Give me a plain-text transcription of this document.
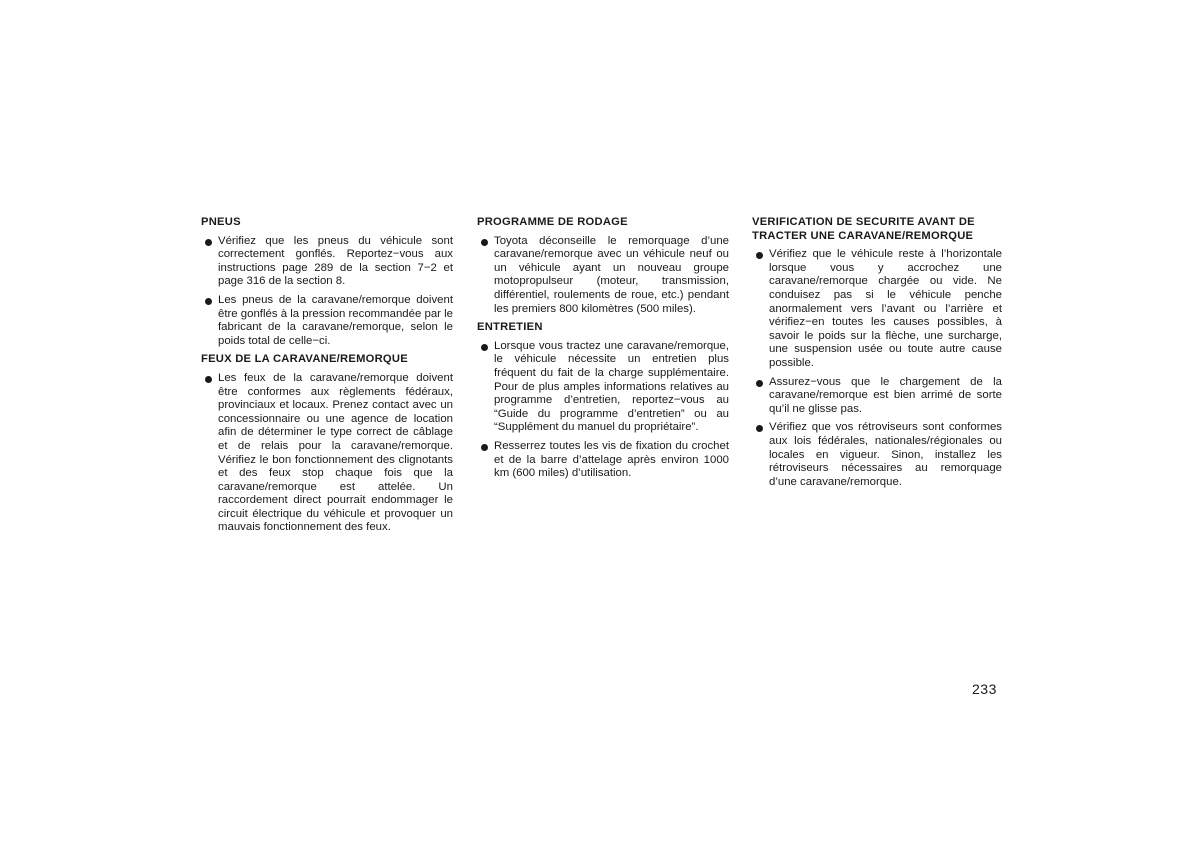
PNEUS
Vérifiez que les pneus du véhicule sont correctement gonflés. Reportez−vous aux instructions page 289 de la section 7−2 et page 316 de la section 8.
Les pneus de la caravane/remorque doivent être gonflés à la pression recommandée par le fabricant de la caravane/remorque, selon le poids total de celle−ci.
FEUX DE LA CARAVANE/REMORQUE
Les feux de la caravane/remorque doivent être conformes aux règlements fédéraux, provinciaux et locaux. Prenez contact avec un concessionnaire ou une agence de location afin de déterminer le type correct de câblage et de relais pour la caravane/remorque. Vérifiez le bon fonctionnement des clignotants et des feux stop chaque fois que la caravane/remorque est attelée. Un raccordement direct pourrait endommager le circuit électrique du véhicule et provoquer un mauvais fonctionnement des feux.
PROGRAMME DE RODAGE
Toyota déconseille le remorquage d’une caravane/remorque avec un véhicule neuf ou un véhicule ayant un nouveau groupe motopropulseur (moteur, transmission, différentiel, roulements de roue, etc.) pendant les premiers 800 kilomètres (500 miles).
ENTRETIEN
Lorsque vous tractez une caravane/remorque, le véhicule nécessite un entretien plus fréquent du fait de la charge supplémentaire. Pour de plus amples informations relatives au programme d’entretien, reportez−vous au “Guide du programme d’entretien” ou au “Supplément du manuel du propriétaire”.
Resserrez toutes les vis de fixation du crochet et de la barre d’attelage après environ 1000 km (600 miles) d’utilisation.
VERIFICATION DE SECURITE AVANT DE TRACTER UNE CARAVANE/REMORQUE
Vérifiez que le véhicule reste à l’horizontale lorsque vous y accrochez une caravane/remorque chargée ou vide. Ne conduisez pas si le véhicule penche anormalement vers l’avant ou l’arrière et vérifiez−en toutes les causes possibles, à savoir le poids sur la flèche, une surcharge, une suspension usée ou toute autre cause possible.
Assurez−vous que le chargement de la caravane/remorque est bien arrimé de sorte qu’il ne glisse pas.
Vérifiez que vos rétroviseurs sont conformes aux lois fédérales, nationales/régionales ou locales en vigueur. Sinon, installez les rétroviseurs nécessaires au remorquage d’une caravane/remorque.
233
